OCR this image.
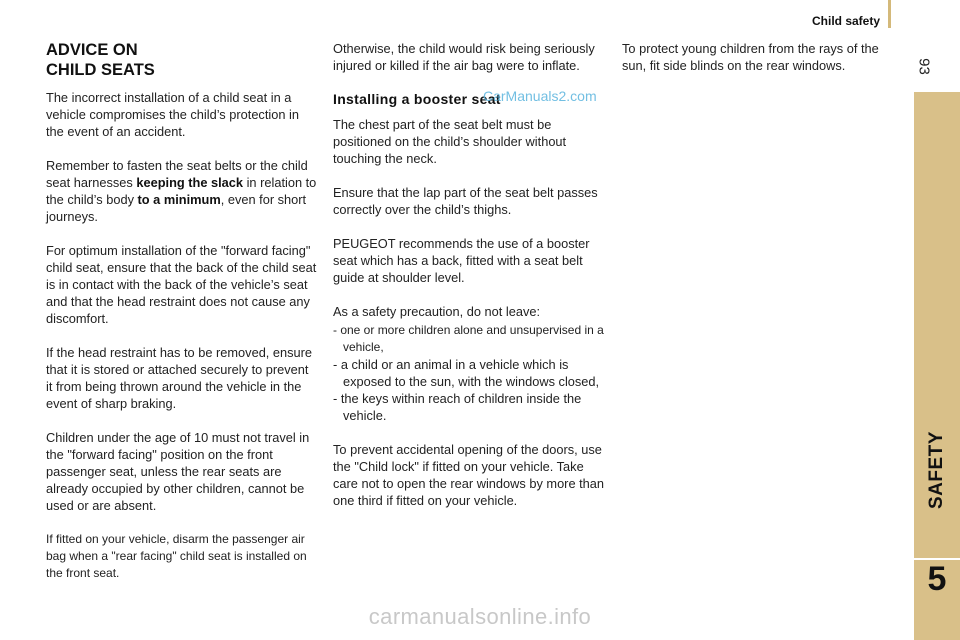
Child safety
93
SAFETY
5
ADVICE ON
CHILD SEATS

The incorrect installation of a child seat in a vehicle compromises the child’s protection in the event of an accident.

Remember to fasten the seat belts or the child seat harnesses keeping the slack in relation to the child’s body to a minimum, even for short journeys.

For optimum installation of the "forward facing" child seat, ensure that the back of the child seat is in contact with the back of the vehicle’s seat and that the head restraint does not cause any discomfort.

If the head restraint has to be removed, ensure that it is stored or attached securely to prevent it from being thrown around the vehicle in the event of sharp braking.

Children under the age of 10 must not travel in the "forward facing" position on the front passenger seat, unless the rear seats are already occupied by other children, cannot be used or are absent.

If fitted on your vehicle, disarm the passenger air bag when a "rear facing" child seat is installed on the front seat.

Otherwise, the child would risk being seriously injured or killed if the air bag were to inflate.

Installing a booster seat

The chest part of the seat belt must be positioned on the child’s shoulder without touching the neck.

Ensure that the lap part of the seat belt passes correctly over the child’s thighs.

PEUGEOT recommends the use of a booster seat which has a back, fitted with a seat belt guide at shoulder level.

As a safety precaution, do not leave:
- one or more children alone and unsupervised in a vehicle,
- a child or an animal in a vehicle which is exposed to the sun, with the windows closed,
- the keys within reach of children inside the vehicle.

To prevent accidental opening of the doors, use the "Child lock" if fitted on your vehicle. Take care not to open the rear windows by more than one third if fitted on your vehicle.

To protect young children from the rays of the sun, fit side blinds on the rear windows.

CarManuals2.com
carmanualsonline.info
